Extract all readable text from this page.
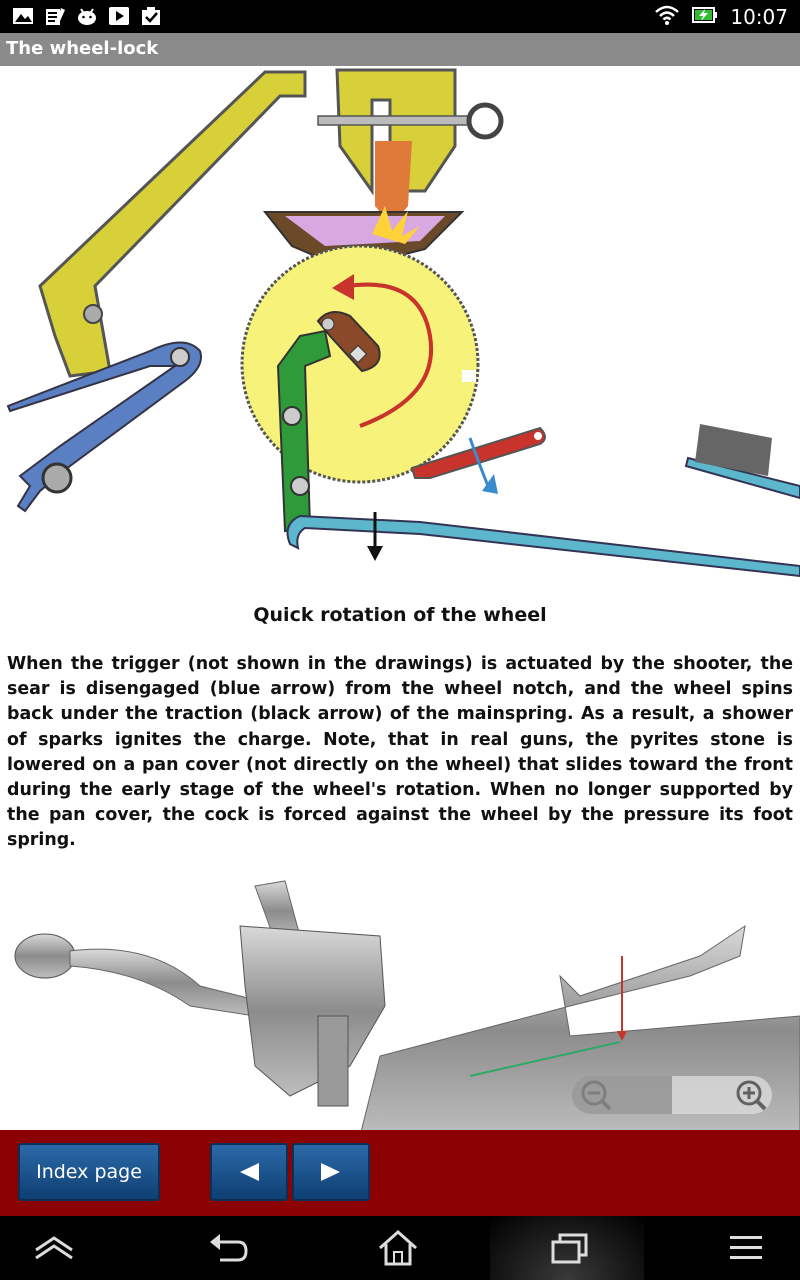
10:07
The wheel-lock
Quick rotation of the wheel

When the trigger (not shown in the drawings) is actuated by the shooter, the sear is disengaged (blue arrow) from the wheel notch, and the wheel spins back under the traction (black arrow) of the mainspring. As a result, a shower of sparks ignites the charge. Note, that in real guns, the pyrites stone is lowered on a pan cover (not directly on the wheel) that slides toward the front during the early stage of the wheel's rotation. When no longer supported by the pan cover, the cock is forced against the wheel by the pressure its foot spring.

Index page
